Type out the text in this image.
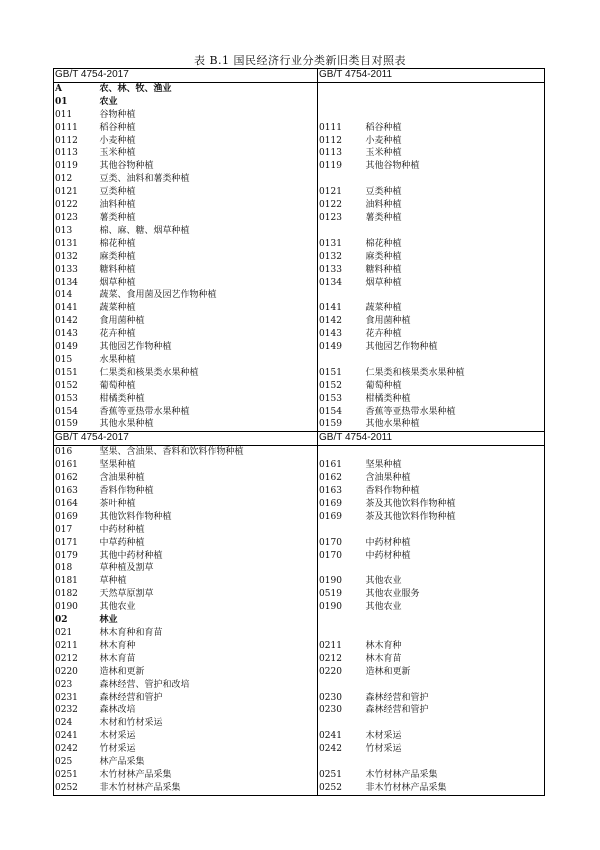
表 B.1 国民经济行业分类新旧类目对照表
GB/T 4754-2017		GB/T 4754-2011	
A	农、林、牧、渔业		
01	农业		
011	谷物种植		
0111	稻谷种植	0111	稻谷种植
0112	小麦种植	0112	小麦种植
0113	玉米种植	0113	玉米种植
0119	其他谷物种植	0119	其他谷物种植
012	豆类、油料和薯类种植		
0121	豆类种植	0121	豆类种植
0122	油料种植	0122	油料种植
0123	薯类种植	0123	薯类种植
013	棉、麻、糖、烟草种植		
0131	棉花种植	0131	棉花种植
0132	麻类种植	0132	麻类种植
0133	糖料种植	0133	糖料种植
0134	烟草种植	0134	烟草种植
014	蔬菜、食用菌及园艺作物种植		
0141	蔬菜种植	0141	蔬菜种植
0142	食用菌种植	0142	食用菌种植
0143	花卉种植	0143	花卉种植
0149	其他园艺作物种植	0149	其他园艺作物种植
015	水果种植		
0151	仁果类和核果类水果种植	0151	仁果类和核果类水果种植
0152	葡萄种植	0152	葡萄种植
0153	柑橘类种植	0153	柑橘类种植
0154	香蕉等亚热带水果种植	0154	香蕉等亚热带水果种植
0159	其他水果种植	0159	其他水果种植
GB/T 4754-2017		GB/T 4754-2011	
016	坚果、含油果、香料和饮料作物种植		
0161	坚果种植	0161	坚果种植
0162	含油果种植	0162	含油果种植
0163	香料作物种植	0163	香料作物种植
0164	茶叶种植	0169	茶及其他饮料作物种植
0169	其他饮料作物种植	0169	茶及其他饮料作物种植
017	中药材种植		
0171	中草药种植	0170	中药材种植
0179	其他中药材种植	0170	中药材种植
018	草种植及割草		
0181	草种植	0190	其他农业
0182	天然草原割草	0519	其他农业服务
0190	其他农业	0190	其他农业
02	林业		
021	林木育种和育苗		
0211	林木育种	0211	林木育种
0212	林木育苗	0212	林木育苗
0220	造林和更新	0220	造林和更新
023	森林经营、管护和改培		
0231	森林经营和管护	0230	森林经营和管护
0232	森林改培	0230	森林经营和管护
024	木材和竹材采运		
0241	木材采运	0241	木材采运
0242	竹材采运	0242	竹材采运
025	林产品采集		
0251	木竹材林产品采集	0251	木竹材林产品采集
0252	非木竹材林产品采集	0252	非木竹材林产品采集
